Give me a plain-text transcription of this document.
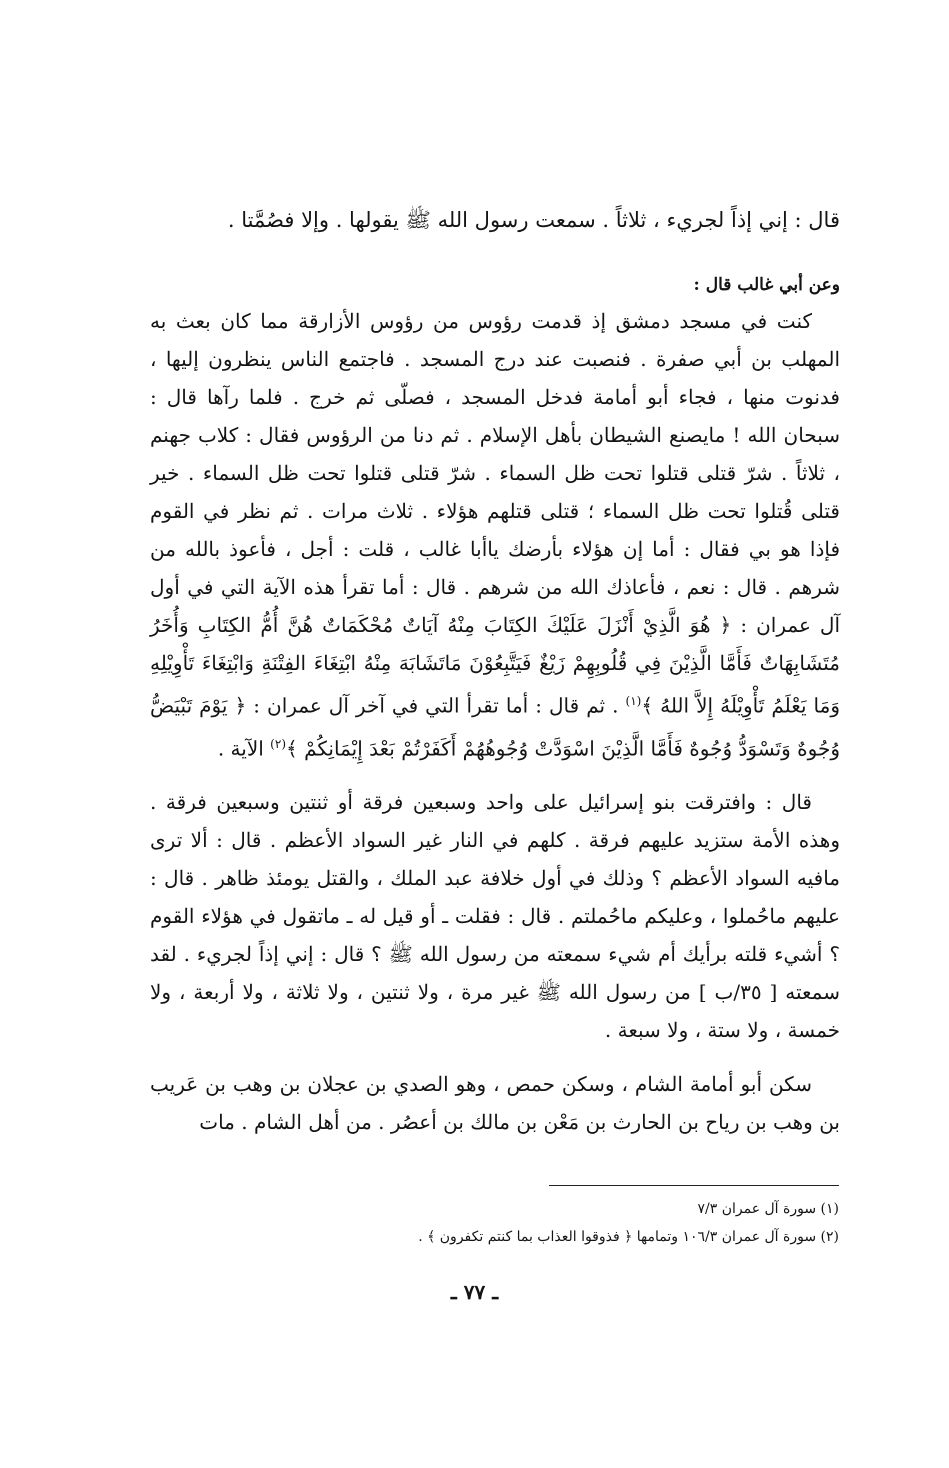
قال : إني إذاً لجريء ، ثلاثاً . سمعت رسول الله ﷺ يقولها . وإلا فصُمَّتا .

وعن أبي غالب قال :

كنت في مسجد دمشق إذ قدمت رؤوس من رؤوس الأزارقة مما كان بعث به المهلب بن أبي صفرة . فنصبت عند درج المسجد . فاجتمع الناس ينظرون إليها ، فدنوت منها ، فجاء أبو أمامة فدخل المسجد ، فصلّى ثم خرج . فلما رآها قال : سبحان الله ! مايصنع الشيطان بأهل الإسلام . ثم دنا من الرؤوس فقال : كلاب جهنم ، ثلاثاً . شرّ قتلى قتلوا تحت ظل السماء . شرّ قتلى قتلوا تحت ظل السماء . خير قتلى قُتلوا تحت ظل السماء ؛ قتلى قتلهم هؤلاء . ثلاث مرات . ثم نظر في القوم فإذا هو بي فقال : أما إن هؤلاء بأرضك ياأبا غالب ، قلت : أجل ، فأعوذ بالله من شرهم . قال : نعم ، فأعاذك الله من شرهم . قال : أما تقرأ هذه الآية التي في أول آل عمران : ﴿ هُوَ الَّذِيْ أَنْزَلَ عَلَيْكَ الكِتَابَ مِنْهُ آيَاتٌ مُحْكَمَاتٌ هُنَّ أُمُّ الكِتَابِ وَأُخَرُ مُتَشَابِهَاتٌ فَأَمَّا الَّذِيْنَ فِي قُلُوبِهِمْ زَيْغٌ فَيَتَّبِعُوْنَ مَاتَشَابَهَ مِنْهُ ابْتِغَاءَ الفِتْنَةِ وَابْتِغَاءَ تَأْوِيْلِهِ وَمَا يَعْلَمُ تَأْوِيْلَهُ إِلاَّ اللهُ ﴾$^{(١)}$ . ثم قال : أما تقرأ التي في آخر آل عمران : ﴿ يَوْمَ تَبْيَضُّ وُجُوهٌ وَتَسْوَدُّ وُجُوهٌ فَأَمَّا الَّذِيْنَ اسْوَدَّتْ وُجُوهُهُمْ أَكَفَرْتُمْ بَعْدَ إِيْمَانِكُمْ ﴾$^{(٢)}$ الآية .

قال : وافترقت بنو إسرائيل على واحد وسبعين فرقة أو ثنتين وسبعين فرقة . وهذه الأمة ستزيد عليهم فرقة . كلهم في النار غير السواد الأعظم . قال : ألا ترى مافيه السواد الأعظم ؟ وذلك في أول خلافة عبد الملك ، والقتل يومئذ ظاهر . قال : عليهم ماحُملوا ، وعليكم ماحُملتم . قال : فقلت ـ أو قيل له ـ ماتقول في هؤلاء القوم ؟ أشيء قلته برأيك أم شيء سمعته من رسول الله ﷺ ؟ قال : إني إذاً لجريء . لقد سمعته [ ٣٥/ب ] من رسول الله ﷺ غير مرة ، ولا ثنتين ، ولا ثلاثة ، ولا أربعة ، ولا خمسة ، ولا ستة ، ولا سبعة .

سكن أبو أمامة الشام ، وسكن حمص ، وهو الصدي بن عجلان بن وهب بن عَريب بن وهب بن رياح بن الحارث بن مَعْن بن مالك بن أعصُر . من أهل الشام . مات

(١) سورة آل عمران ٧/٣

(٢) سورة آل عمران ١٠٦/٣ وتمامها ﴿ فذوقوا العذاب بما كنتم تكفرون ﴾ .

ـ ٧٧ ـ
